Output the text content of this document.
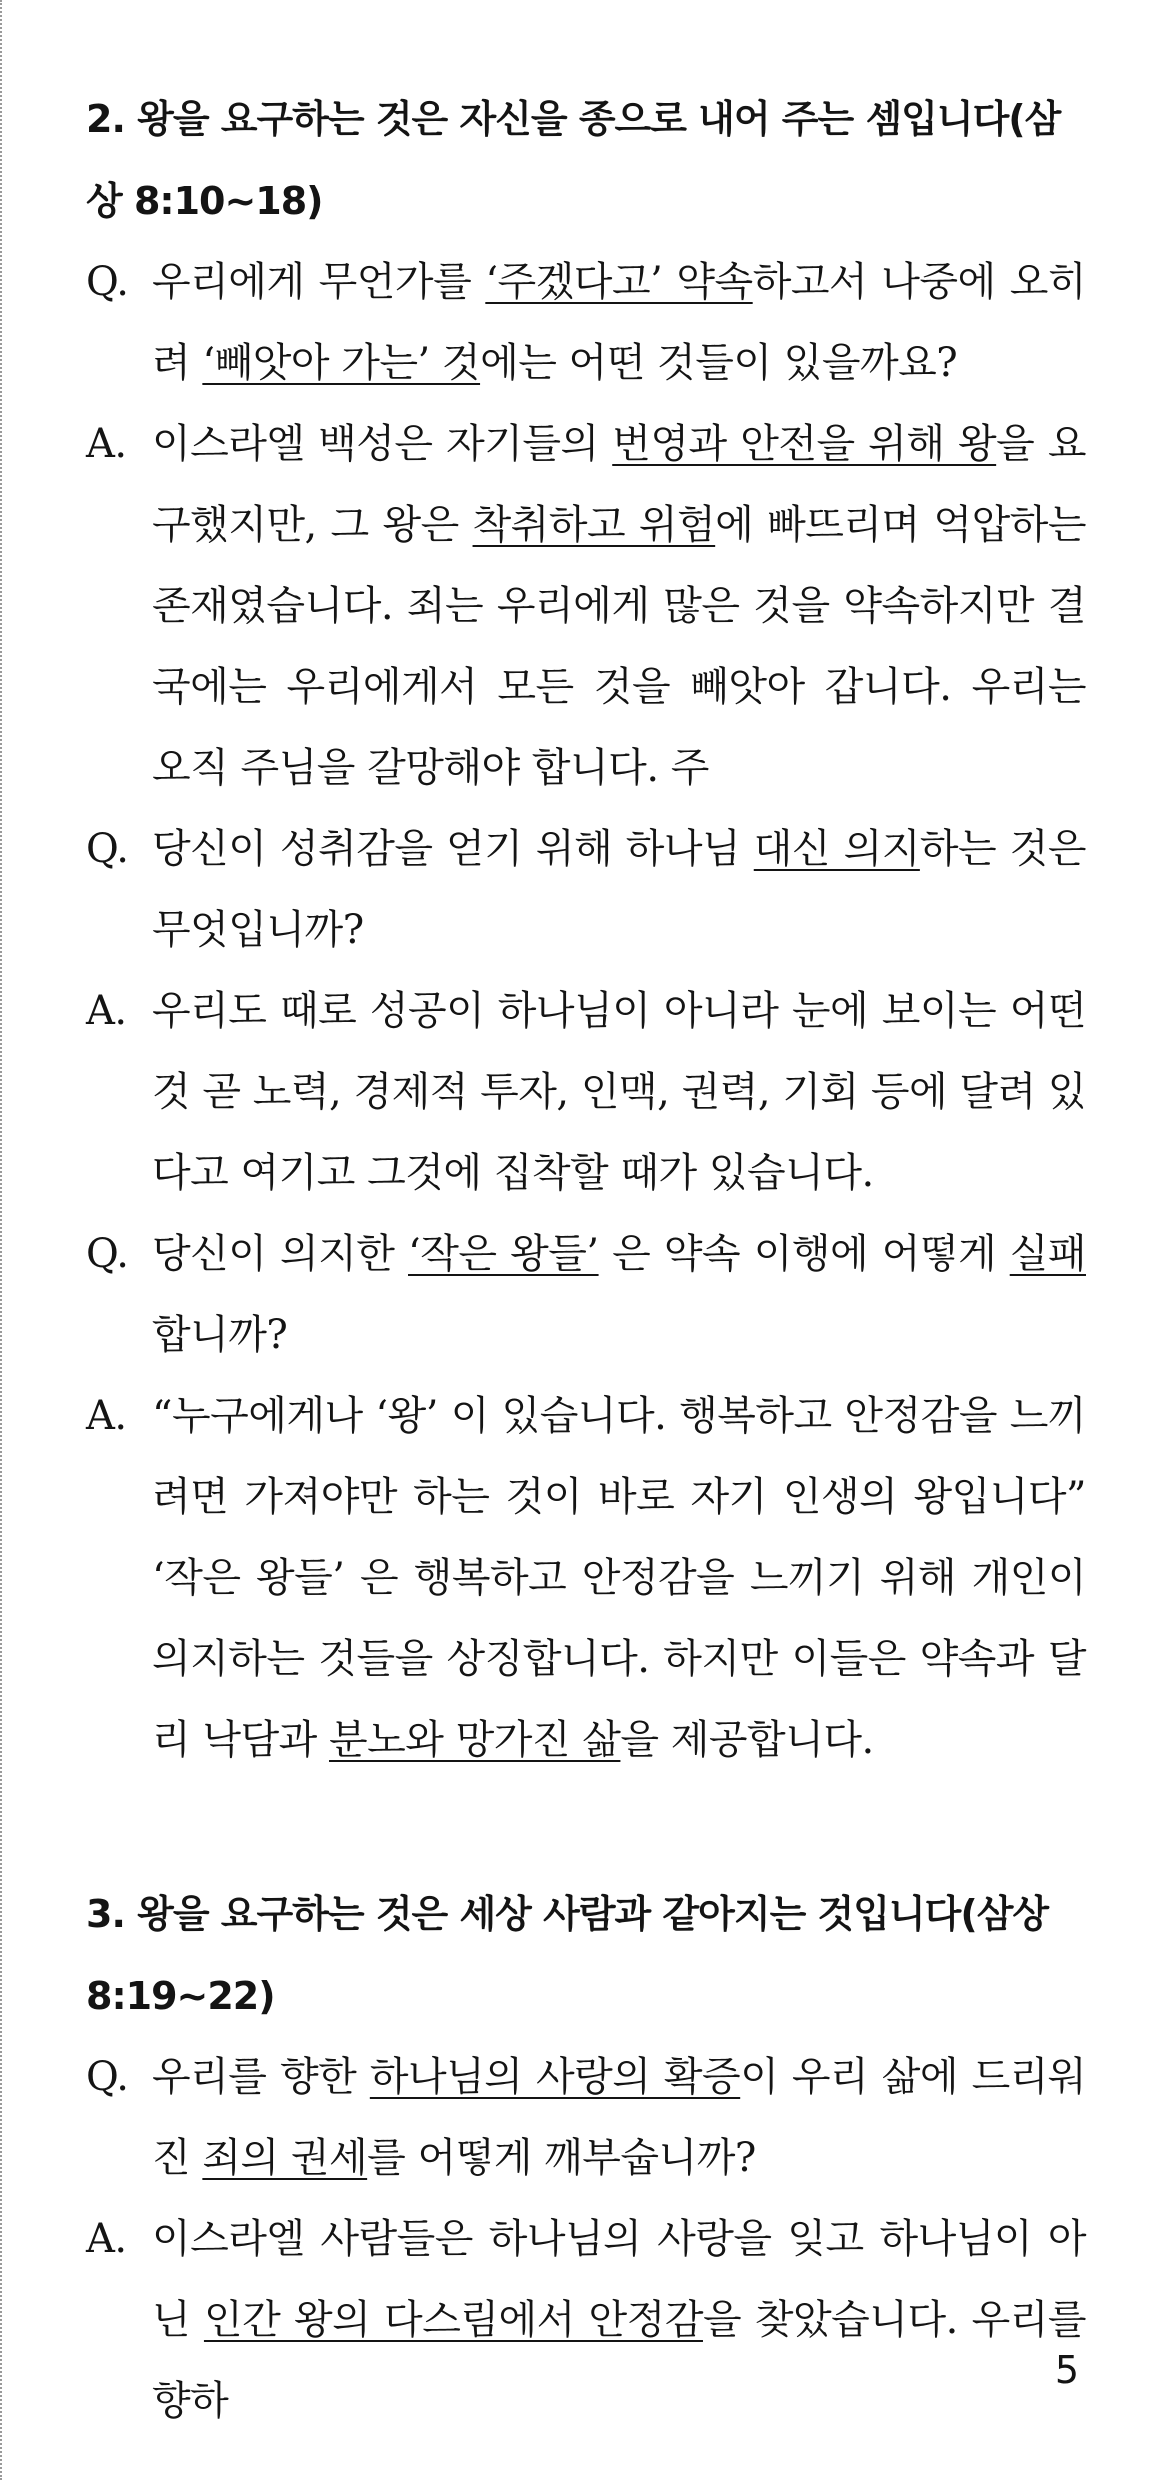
2. 왕을 요구하는 것은 자신을 종으로 내어 주는 셈입니다(삼상 8:10~18)
Q. 우리에게 무언가를 ‘주겠다고’ 약속하고서 나중에 오히려 ‘빼앗아 가는’ 것에는 어떤 것들이 있을까요?
A. 이스라엘 백성은 자기들의 번영과 안전을 위해 왕을 요구했지만, 그 왕은 착취하고 위험에 빠뜨리며 억압하는 존재였습니다. 죄는 우리에게 많은 것을 약속하지만 결국에는 우리에게서 모든 것을 빼앗아 갑니다. 우리는 오직 주님을 갈망해야 합니다. 주
Q. 당신이 성취감을 얻기 위해 하나님 대신 의지하는 것은 무엇입니까?
A. 우리도 때로 성공이 하나님이 아니라 눈에 보이는 어떤 것 곧 노력, 경제적 투자, 인맥, 권력, 기회 등에 달려 있다고 여기고 그것에 집착할 때가 있습니다.
Q. 당신이 의지한 ‘작은 왕들’ 은 약속 이행에 어떻게 실패합니까?
A. “누구에게나 ‘왕’ 이 있습니다. 행복하고 안정감을 느끼려면 가져야만 하는 것이 바로 자기 인생의 왕입니다” ‘작은 왕들’ 은 행복하고 안정감을 느끼기 위해 개인이 의지하는 것들을 상징합니다. 하지만 이들은 약속과 달리 낙담과 분노와 망가진 삶을 제공합니다.
3. 왕을 요구하는 것은 세상 사람과 같아지는 것입니다(삼상 8:19~22)
Q. 우리를 향한 하나님의 사랑의 확증이 우리 삶에 드리워진 죄의 권세를 어떻게 깨부숩니까?
A. 이스라엘 사람들은 하나님의 사랑을 잊고 하나님이 아닌 인간 왕의 다스림에서 안정감을 찾았습니다. 우리를 향하
5
